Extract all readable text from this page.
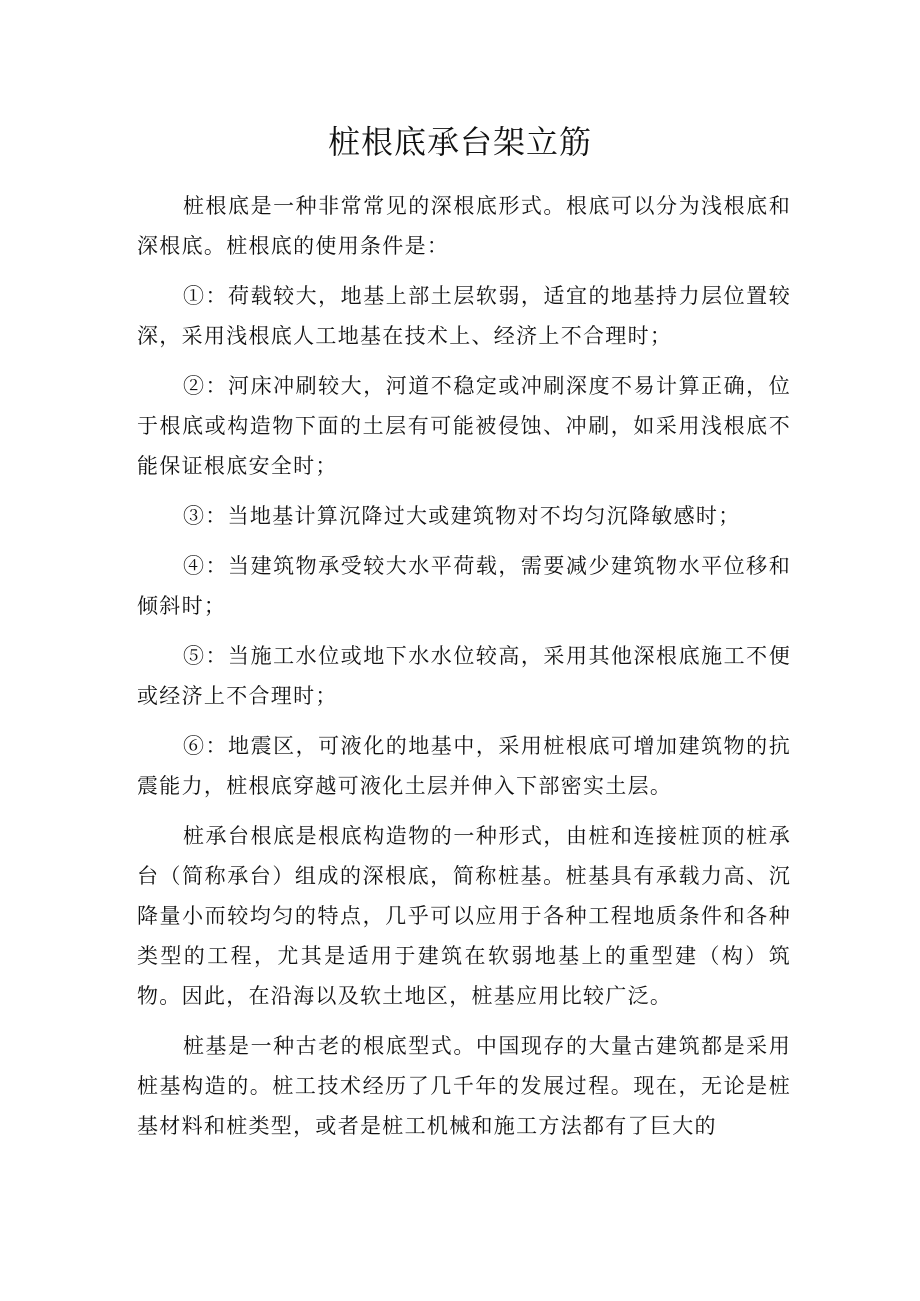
桩根底承台架立筋

桩根底是一种非常常见的深根底形式。根底可以分为浅根底和深根底。桩根底的使用条件是：

①：荷载较大，地基上部土层软弱，适宜的地基持力层位置较深，采用浅根底人工地基在技术上、经济上不合理时；

②：河床冲刷较大，河道不稳定或冲刷深度不易计算正确，位于根底或构造物下面的土层有可能被侵蚀、冲刷，如采用浅根底不能保证根底安全时；

③：当地基计算沉降过大或建筑物对不均匀沉降敏感时；

④：当建筑物承受较大水平荷载，需要减少建筑物水平位移和倾斜时；

⑤：当施工水位或地下水水位较高，采用其他深根底施工不便或经济上不合理时；

⑥：地震区，可液化的地基中，采用桩根底可增加建筑物的抗震能力，桩根底穿越可液化土层并伸入下部密实土层。

桩承台根底是根底构造物的一种形式，由桩和连接桩顶的桩承台（简称承台）组成的深根底，简称桩基。桩基具有承载力高、沉降量小而较均匀的特点，几乎可以应用于各种工程地质条件和各种类型的工程，尤其是适用于建筑在软弱地基上的重型建（构）筑物。因此，在沿海以及软土地区，桩基应用比较广泛。

桩基是一种古老的根底型式。中国现存的大量古建筑都是采用桩基构造的。桩工技术经历了几千年的发展过程。现在，无论是桩基材料和桩类型，或者是桩工机械和施工方法都有了巨大的
